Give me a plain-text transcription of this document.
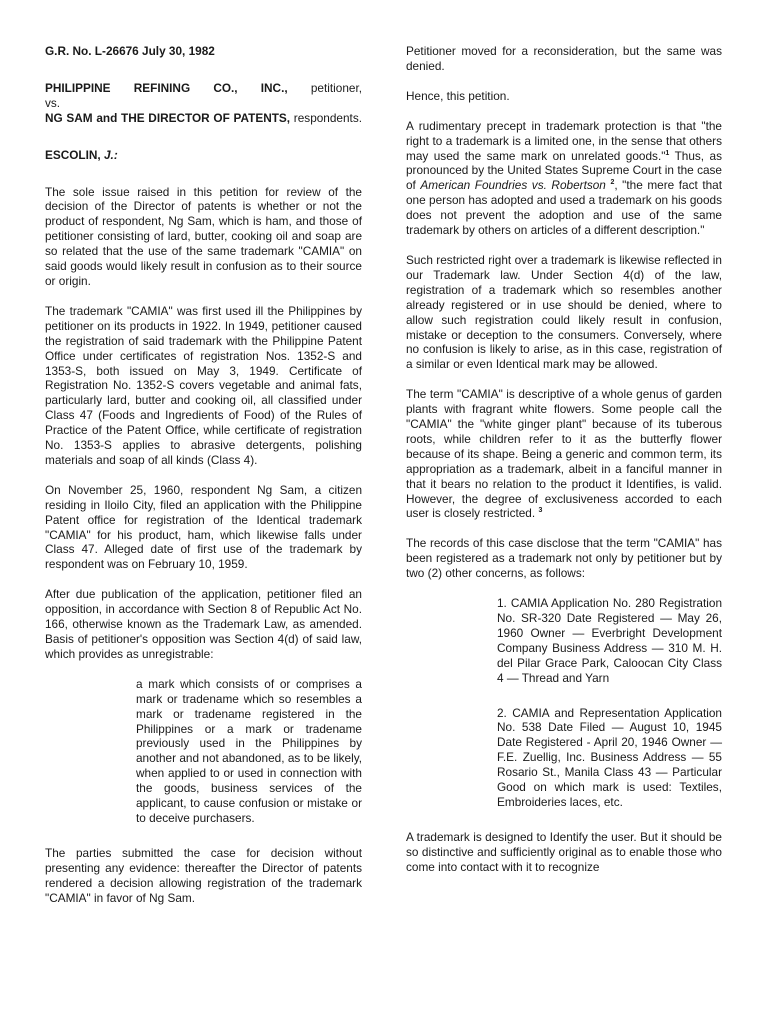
G.R. No. L-26676 July 30, 1982

PHILIPPINE REFINING CO., INC., petitioner,
vs.
NG SAM and THE DIRECTOR OF PATENTS, respondents.

ESCOLIN, J.:

The sole issue raised in this petition for review of the decision of the Director of patents is whether or not the product of respondent, Ng Sam, which is ham, and those of petitioner consisting of lard, butter, cooking oil and soap are so related that the use of the same trademark "CAMIA" on said goods would likely result in confusion as to their source or origin.

The trademark "CAMIA" was first used ill the Philippines by petitioner on its products in 1922. In 1949, petitioner caused the registration of said trademark with the Philippine Patent Office under certificates of registration Nos. 1352-S and 1353-S, both issued on May 3, 1949. Certificate of Registration No. 1352-S covers vegetable and animal fats, particularly lard, butter and cooking oil, all classified under Class 47 (Foods and Ingredients of Food) of the Rules of Practice of the Patent Office, while certificate of registration No. 1353-S applies to abrasive detergents, polishing materials and soap of all kinds (Class 4).

On November 25, 1960, respondent Ng Sam, a citizen residing in Iloilo City, filed an application with the Philippine Patent office for registration of the Identical trademark "CAMIA" for his product, ham, which likewise falls under Class 47. Alleged date of first use of the trademark by respondent was on February 10, 1959.

After due publication of the application, petitioner filed an opposition, in accordance with Section 8 of Republic Act No. 166, otherwise known as the Trademark Law, as amended. Basis of petitioner's opposition was Section 4(d) of said law, which provides as unregistrable:

a mark which consists of or comprises a mark or tradename which so resembles a mark or tradename registered in the Philippines or a mark or tradename previously used in the Philippines by another and not abandoned, as to be likely, when applied to or used in connection with the goods, business services of the applicant, to cause confusion or mistake or to deceive purchasers.

The parties submitted the case for decision without presenting any evidence: thereafter the Director of patents rendered a decision allowing registration of the trademark "CAMIA" in favor of Ng Sam.

Petitioner moved for a reconsideration, but the same was denied.

Hence, this petition.

A rudimentary precept in trademark protection is that "the right to a trademark is a limited one, in the sense that others may used the same mark on unrelated goods."$^1$ Thus, as pronounced by the United States Supreme Court in the case of American Foundries vs. Robertson $^2$, "the mere fact that one person has adopted and used a trademark on his goods does not prevent the adoption and use of the same trademark by others on articles of a different description."

Such restricted right over a trademark is likewise reflected in our Trademark law. Under Section 4(d) of the law, registration of a trademark which so resembles another already registered or in use should be denied, where to allow such registration could likely result in confusion, mistake or deception to the consumers. Conversely, where no confusion is likely to arise, as in this case, registration of a similar or even Identical mark may be allowed.

The term "CAMIA" is descriptive of a whole genus of garden plants with fragrant white flowers. Some people call the "CAMIA" the "white ginger plant" because of its tuberous roots, while children refer to it as the butterfly flower because of its shape. Being a generic and common term, its appropriation as a trademark, albeit in a fanciful manner in that it bears no relation to the product it Identifies, is valid. However, the degree of exclusiveness accorded to each user is closely restricted. $^3$

The records of this case disclose that the term "CAMIA" has been registered as a trademark not only by petitioner but by two (2) other concerns, as follows:

1. CAMIA Application No. 280 Registration No. SR-320 Date Registered — May 26, 1960 Owner — Everbright Development Company Business Address — 310 M. H. del Pilar Grace Park, Caloocan City Class 4 — Thread and Yarn

2. CAMIA and Representation Application No. 538 Date Filed — August 10, 1945 Date Registered - April 20, 1946 Owner — F.E. Zuellig, Inc. Business Address — 55 Rosario St., Manila Class 43 — Particular Good on which mark is used: Textiles, Embroideries laces, etc.

A trademark is designed to Identify the user. But it should be so distinctive and sufficiently original as to enable those who come into contact with it to recognize
